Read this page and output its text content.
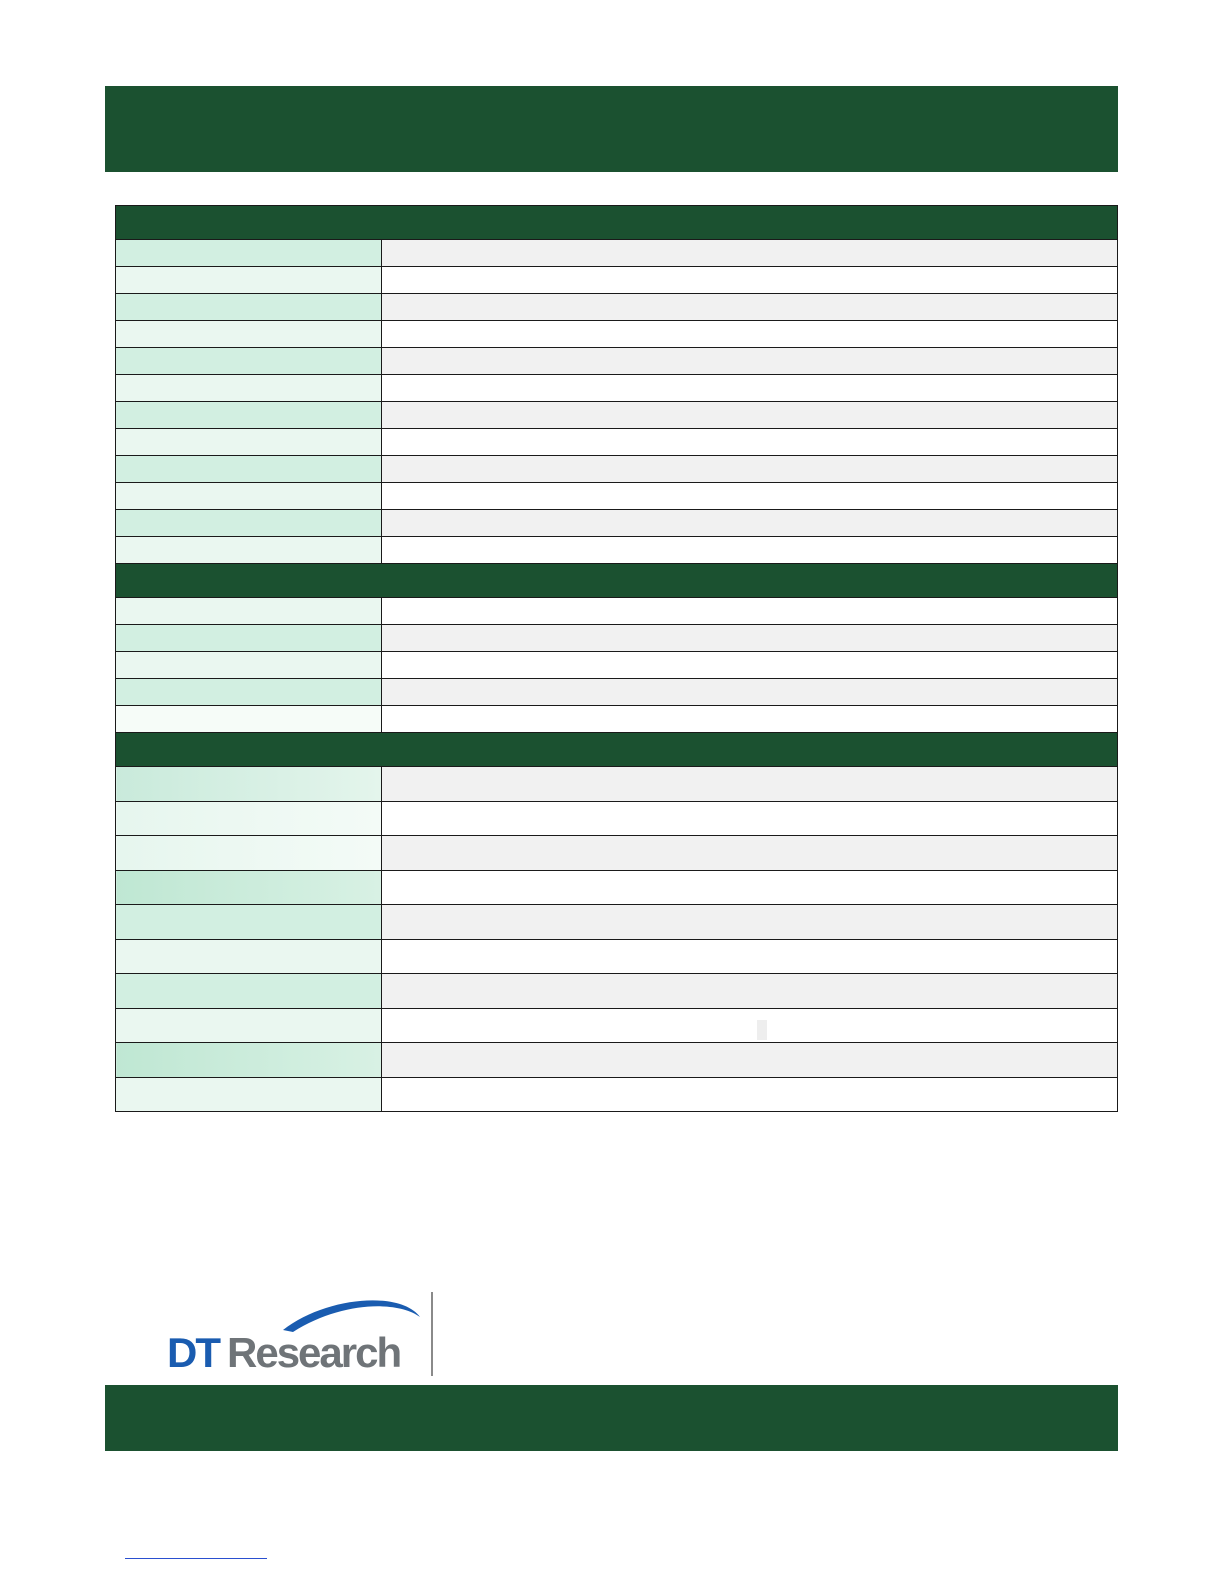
DT Research
